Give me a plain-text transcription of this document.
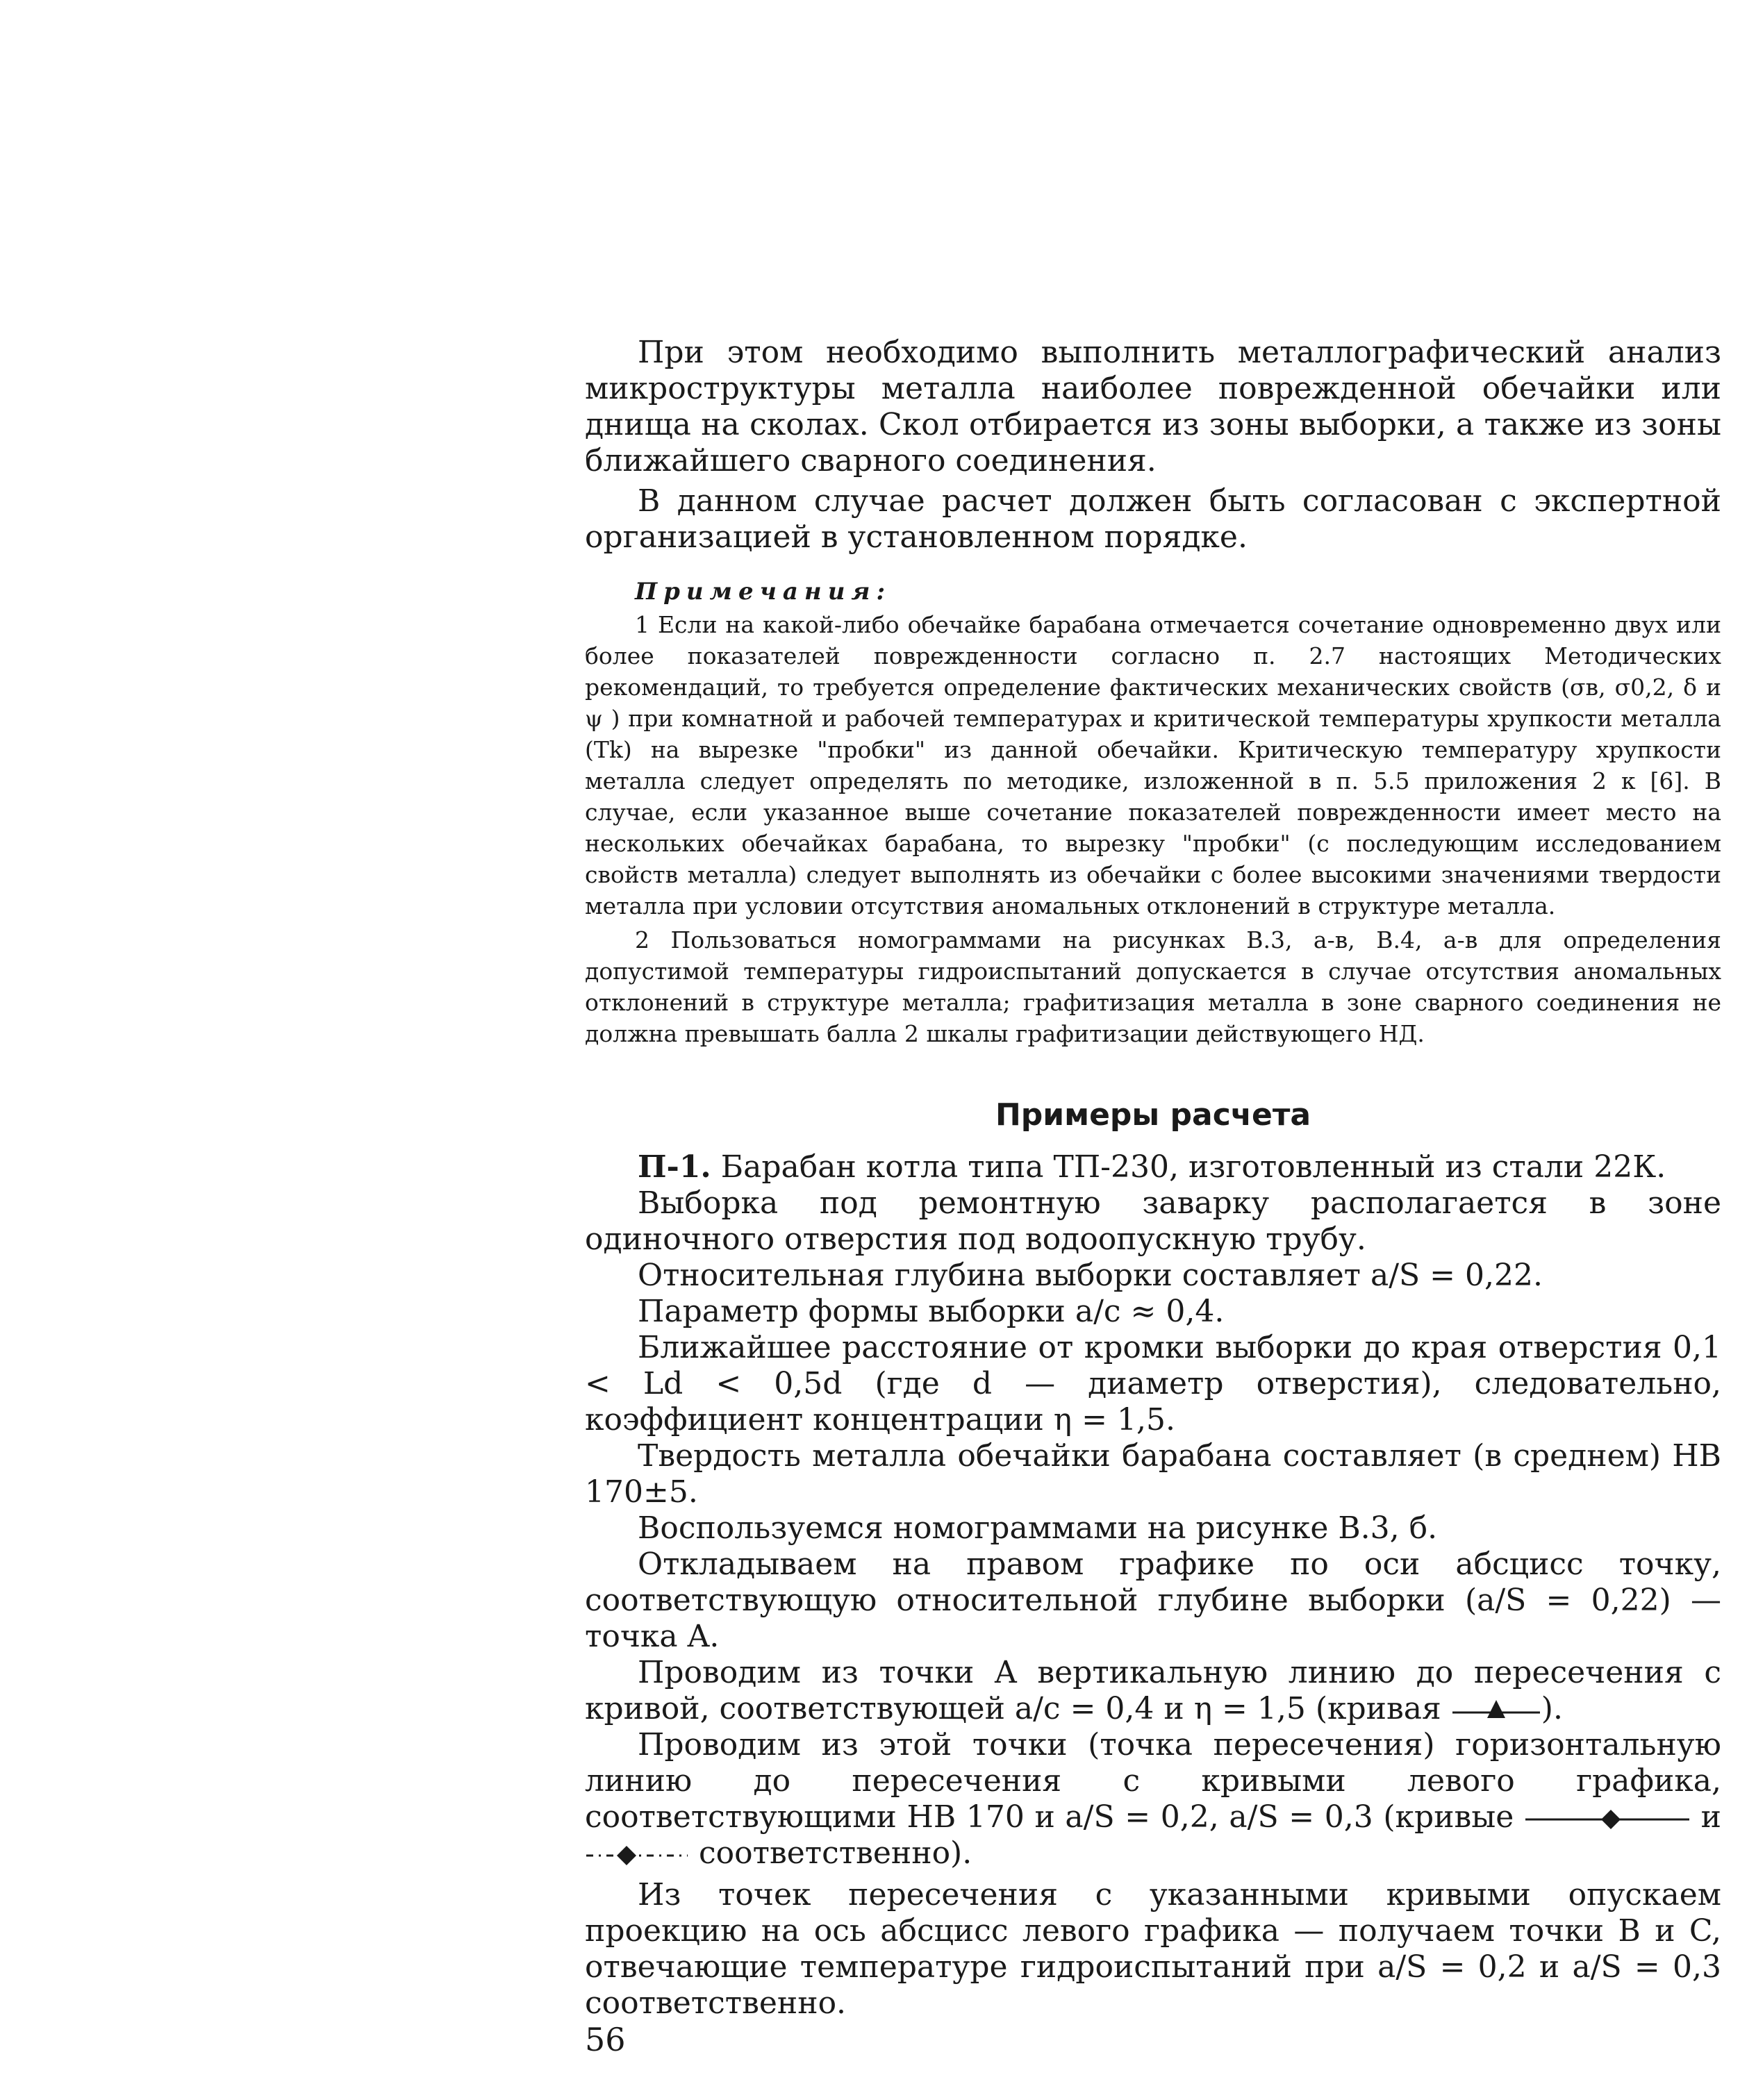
При этом необходимо выполнить металлографический анализ микроструктуры металла наиболее поврежденной обечайки или днища на сколах. Скол отбирается из зоны выборки, а также из зоны ближайшего сварного соединения.

В данном случае расчет должен быть согласован с экспертной организацией в установленном порядке.

Примечания:

1 Если на какой-либо обечайке барабана отмечается сочетание одновременно двух или более показателей поврежденности согласно п. 2.7 настоящих Методических рекомендаций, то требуется определение фактических механических свойств (σв, σ0,2, δ и ψ ) при комнатной и рабочей температурах и критической температуры хрупкости металла (Tk) на вырезке "пробки" из данной обечайки. Критическую температуру хрупкости металла следует определять по методике, изложенной в п. 5.5 приложения 2 к [6]. В случае, если указанное выше сочетание показателей поврежденности имеет место на нескольких обечайках барабана, то вырезку "пробки" (с последующим исследованием свойств металла) следует выполнять из обечайки с более высокими значениями твердости металла при условии отсутствия аномальных отклонений в структуре металла.

2 Пользоваться номограммами на рисунках В.3, а-в, В.4, а-в для определения допустимой температуры гидроиспытаний допускается в случае отсутствия аномальных отклонений в структуре металла; графитизация металла в зоне сварного соединения не должна превышать балла 2 шкалы графитизации действующего НД.

Примеры расчета

П-1. Барабан котла типа ТП-230, изготовленный из стали 22К.

Выборка под ремонтную заварку располагается в зоне одиночного отверстия под водоопускную трубу.

Относительная глубина выборки составляет a/S = 0,22.

Параметр формы выборки a/c ≈ 0,4.

Ближайшее расстояние от кромки выборки до края отверстия 0,1 < Ld < 0,5d (где d — диаметр отверстия), следовательно, коэффициент концентрации η = 1,5.

Твердость металла обечайки барабана составляет (в среднем) НВ 170±5.

Воспользуемся номограммами на рисунке В.3, б.

Откладываем на правом графике по оси абсцисс точку, соответствующую относительной глубине выборки (a/S = 0,22) — точка A.

Проводим из точки A вертикальную линию до пересечения с кривой, соответствующей a/c = 0,4 и η = 1,5 (кривая	).

Проводим из этой точки (точка пересечения) горизонтальную линию до пересечения с кривыми левого графика, соответствующими НВ 170 и a/S = 0,2, a/S = 0,3 (кривые	и  соответственно).

Из точек пересечения с указанными кривыми опускаем проекцию на ось абсцисс левого графика — получаем точки B и C, отвечающие температуре гидроиспытаний при a/S = 0,2 и a/S = 0,3 соответственно.

56
